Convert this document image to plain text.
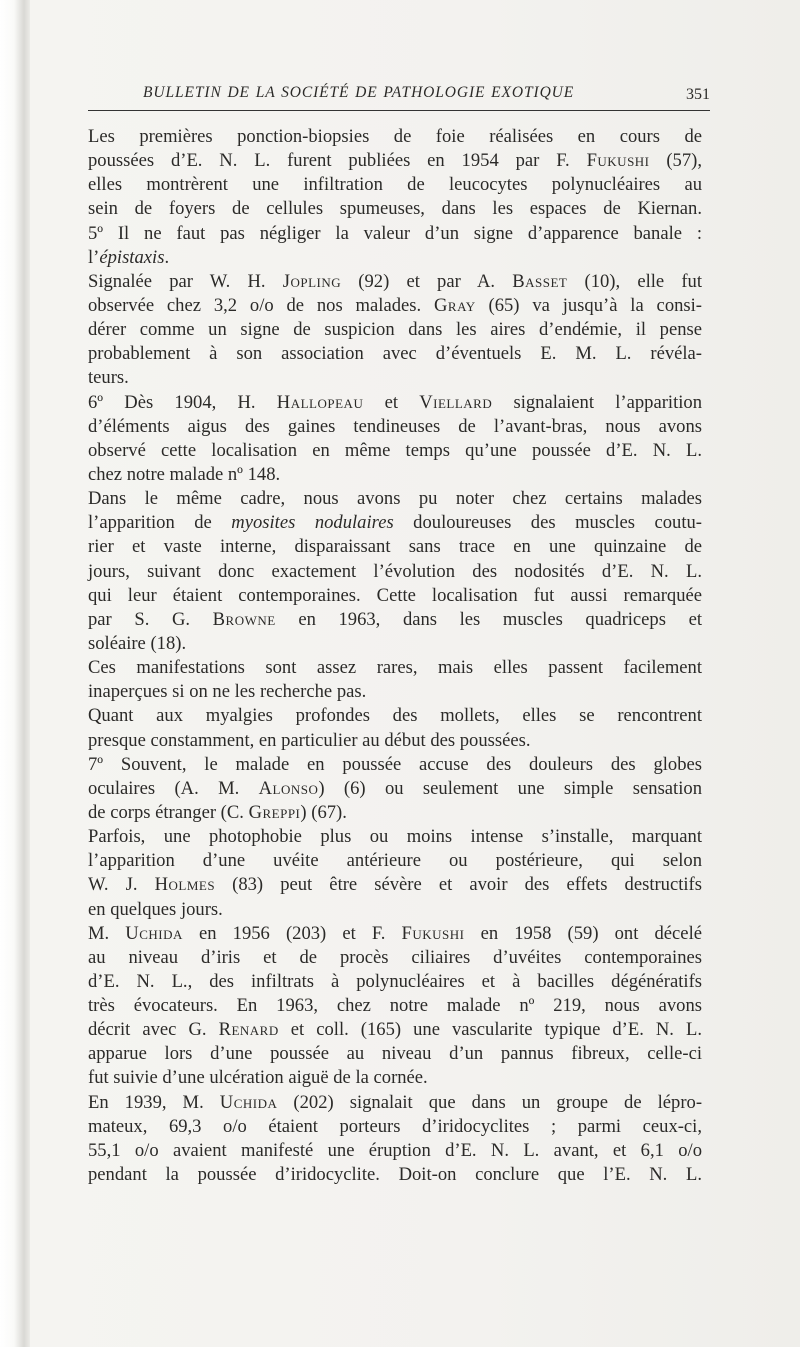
BULLETIN DE LA SOCIÉTÉ DE PATHOLOGIE EXOTIQUE	351
Les premières ponction-biopsies de foie réalisées en cours de
poussées d’E. N. L. furent publiées en 1954 par F. Fukushi (57),
elles montrèrent une infiltration de leucocytes polynucléaires au
sein de foyers de cellules spumeuses, dans les espaces de Kiernan.
5º Il ne faut pas négliger la valeur d’un signe d’apparence banale :
l’épistaxis.
Signalée par W. H. Jopling (92) et par A. Basset (10), elle fut
observée chez 3,2 o/o de nos malades. Gray (65) va jusqu’à la consi-
dérer comme un signe de suspicion dans les aires d’endémie, il pense
probablement à son association avec d’éventuels E. M. L. révéla-
teurs.
6º Dès 1904, H. Hallopeau et Viellard signalaient l’apparition
d’éléments aigus des gaines tendineuses de l’avant-bras, nous avons
observé cette localisation en même temps qu’une poussée d’E. N. L.
chez notre malade nº 148.
Dans le même cadre, nous avons pu noter chez certains malades
l’apparition de myosites nodulaires douloureuses des muscles coutu-
rier et vaste interne, disparaissant sans trace en une quinzaine de
jours, suivant donc exactement l’évolution des nodosités d’E. N. L.
qui leur étaient contemporaines. Cette localisation fut aussi remarquée
par S. G. Browne en 1963, dans les muscles quadriceps et
soléaire (18).
Ces manifestations sont assez rares, mais elles passent facilement
inaperçues si on ne les recherche pas.
Quant aux myalgies profondes des mollets, elles se rencontrent
presque constamment, en particulier au début des poussées.
7º Souvent, le malade en poussée accuse des douleurs des globes
oculaires (A. M. Alonso) (6) ou seulement une simple sensation
de corps étranger (C. Greppi) (67).
Parfois, une photophobie plus ou moins intense s’installe, marquant
l’apparition d’une uvéite antérieure ou postérieure, qui selon
W. J. Holmes (83) peut être sévère et avoir des effets destructifs
en quelques jours.
M. Uchida en 1956 (203) et F. Fukushi en 1958 (59) ont décelé
au niveau d’iris et de procès ciliaires d’uvéites contemporaines
d’E. N. L., des infiltrats à polynucléaires et à bacilles dégénératifs
très évocateurs. En 1963, chez notre malade nº 219, nous avons
décrit avec G. Renard et coll. (165) une vascularite typique d’E. N. L.
apparue lors d’une poussée au niveau d’un pannus fibreux, celle-ci
fut suivie d’une ulcération aiguë de la cornée.
En 1939, M. Uchida (202) signalait que dans un groupe de lépro-
mateux, 69,3 o/o étaient porteurs d’iridocyclites ; parmi ceux-ci,
55,1 o/o avaient manifesté une éruption d’E. N. L. avant, et 6,1 o/o
pendant la poussée d’iridocyclite. Doit-on conclure que l’E. N. L.
